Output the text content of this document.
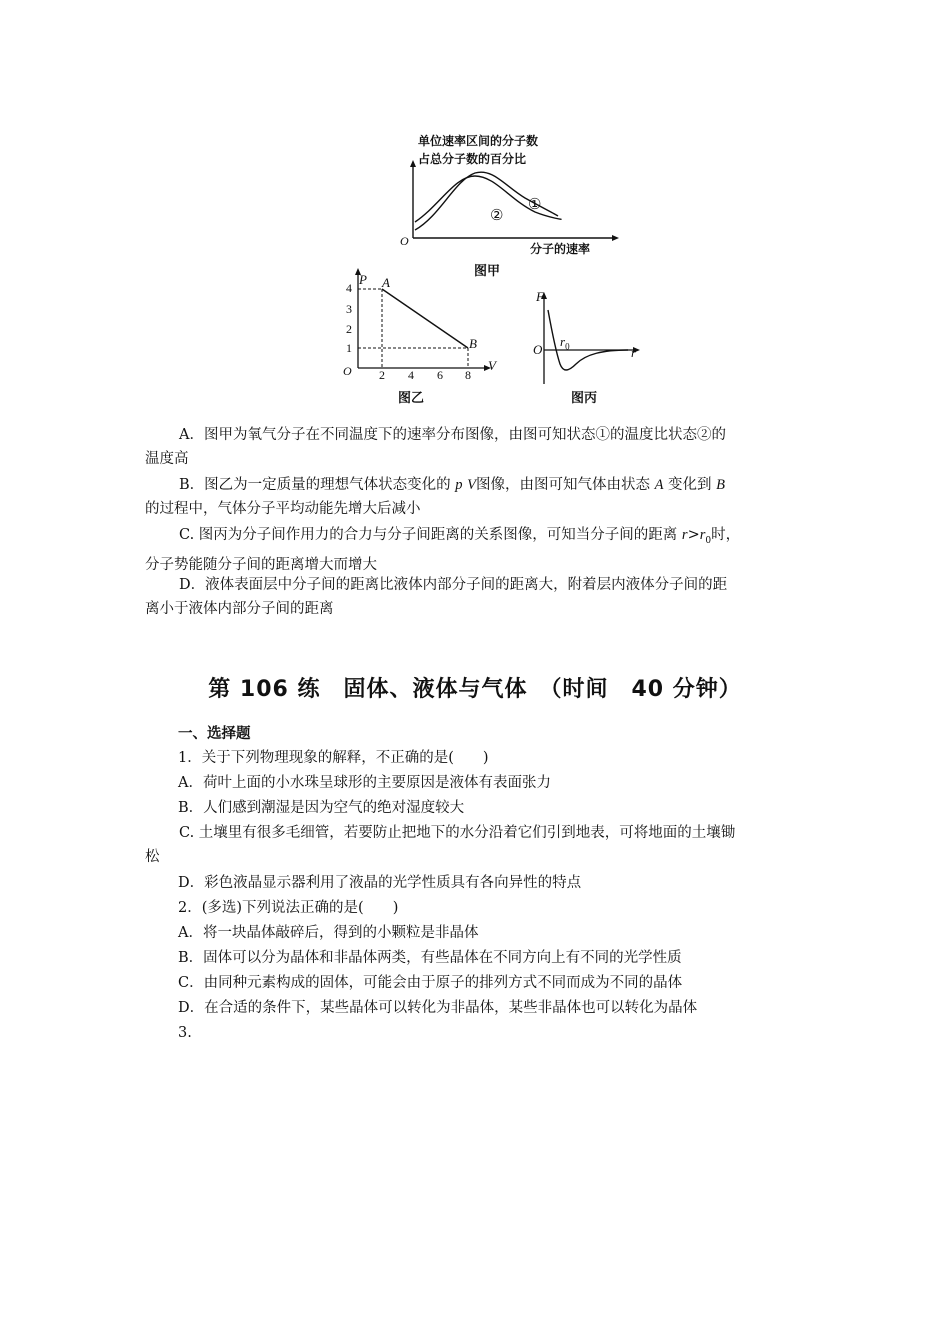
单位速率区间的分子数
占总分子数的百分比
O
①
②
分子的速率
图甲
P A
B
4
3
2
1
O 2 4 6 8
V
图乙
F
O
$r_0$	r
图丙
A．图甲为氧气分子在不同温度下的速率分布图像，由图可知状态①的温度比状态②的
温度高
B．图乙为一定质量的理想气体状态变化的 p V图像，由图可知气体由状态 A 变化到 B
的过程中，气体分子平均动能先增大后减小
C. 图丙为分子间作用力的合力与分子间距离的关系图像，可知当分子间的距离 $r>r_0$时，
分子势能随分子间的距离增大而增大
D．液体表面层中分子间的距离比液体内部分子间的距离大，附着层内液体分子间的距
离小于液体内部分子间的距离
第 106 练　固体、液体与气体　（时间　40 分钟）
一、选择题
1．关于下列物理现象的解释，不正确的是(　　)
A．荷叶上面的小水珠呈球形的主要原因是液体有表面张力
B．人们感到潮湿是因为空气的绝对湿度较大
C. 土壤里有很多毛细管，若要防止把地下的水分沿着它们引到地表，可将地面的土壤锄
松
D．彩色液晶显示器利用了液晶的光学性质具有各向异性的特点
2．(多选)下列说法正确的是(　　)
A．将一块晶体敲碎后，得到的小颗粒是非晶体
B．固体可以分为晶体和非晶体两类，有些晶体在不同方向上有不同的光学性质
C．由同种元素构成的固体，可能会由于原子的排列方式不同而成为不同的晶体
D．在合适的条件下，某些晶体可以转化为非晶体，某些非晶体也可以转化为晶体
3.
